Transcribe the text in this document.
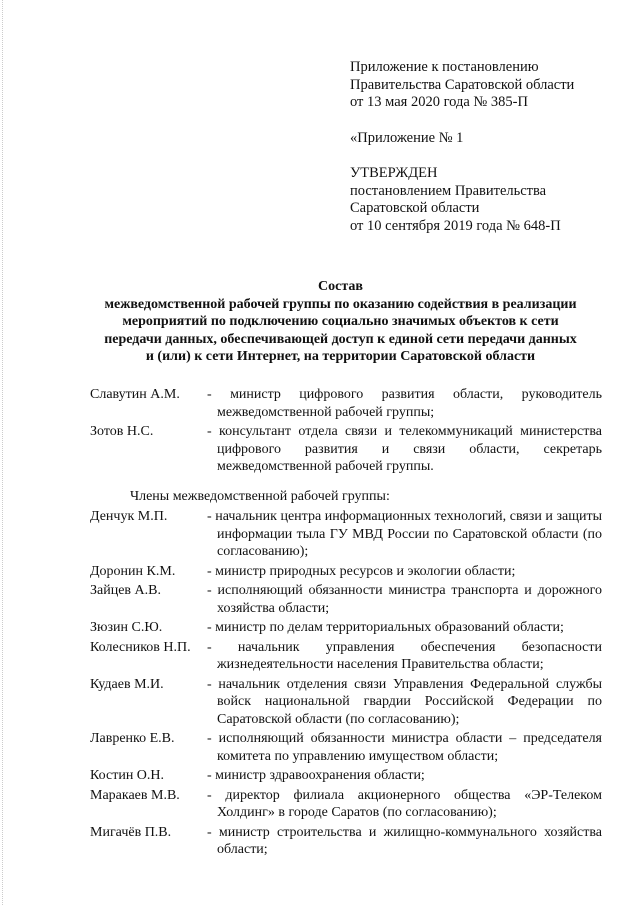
Приложение к постановлению

Правительства Саратовской области

от 13 мая 2020 года № 385-П

«Приложение № 1

УТВЕРЖДЕН

постановлением Правительства

Саратовской области

от 10 сентября 2019 года № 648-П

Состав

межведомственной рабочей группы по оказанию содействия в реализации

мероприятий по подключению социально значимых объектов к сети

передачи данных, обеспечивающей доступ к единой сети передачи данных

и (или) к сети Интернет, на территории Саратовской области

Славутин А.М.	- министр цифрового развития области, руководитель межведомственной рабочей группы;
Зотов Н.С.	- консультант отдела связи и телекоммуникаций министерства цифрового развития и связи области, секретарь межведомственной рабочей группы.
Члены межведомственной рабочей группы:
Денчук М.П.	- начальник центра информационных технологий, связи и защиты информации тыла ГУ МВД России по Саратовской области (по согласованию);
Доронин К.М.	- министр природных ресурсов и экологии области;
Зайцев А.В.	- исполняющий обязанности министра транспорта и дорожного хозяйства области;
Зюзин С.Ю.	- министр по делам территориальных образований области;
Колесников Н.П.	- начальник управления обеспечения безопасности жизнедеятельности населения Правительства области;
Кудаев М.И.	- начальник отделения связи Управления Федеральной службы войск национальной гвардии Российской Федерации по Саратовской области (по согласованию);
Лавренко Е.В.	- исполняющий обязанности министра области – председателя комитета по управлению имуществом области;
Костин О.Н.	- министр здравоохранения области;
Маракаев М.В.	- директор филиала акционерного общества «ЭР-Телеком Холдинг» в городе Саратов (по согласованию);
Мигачёв П.В.	- министр строительства и жилищно-коммунального хозяйства области;
